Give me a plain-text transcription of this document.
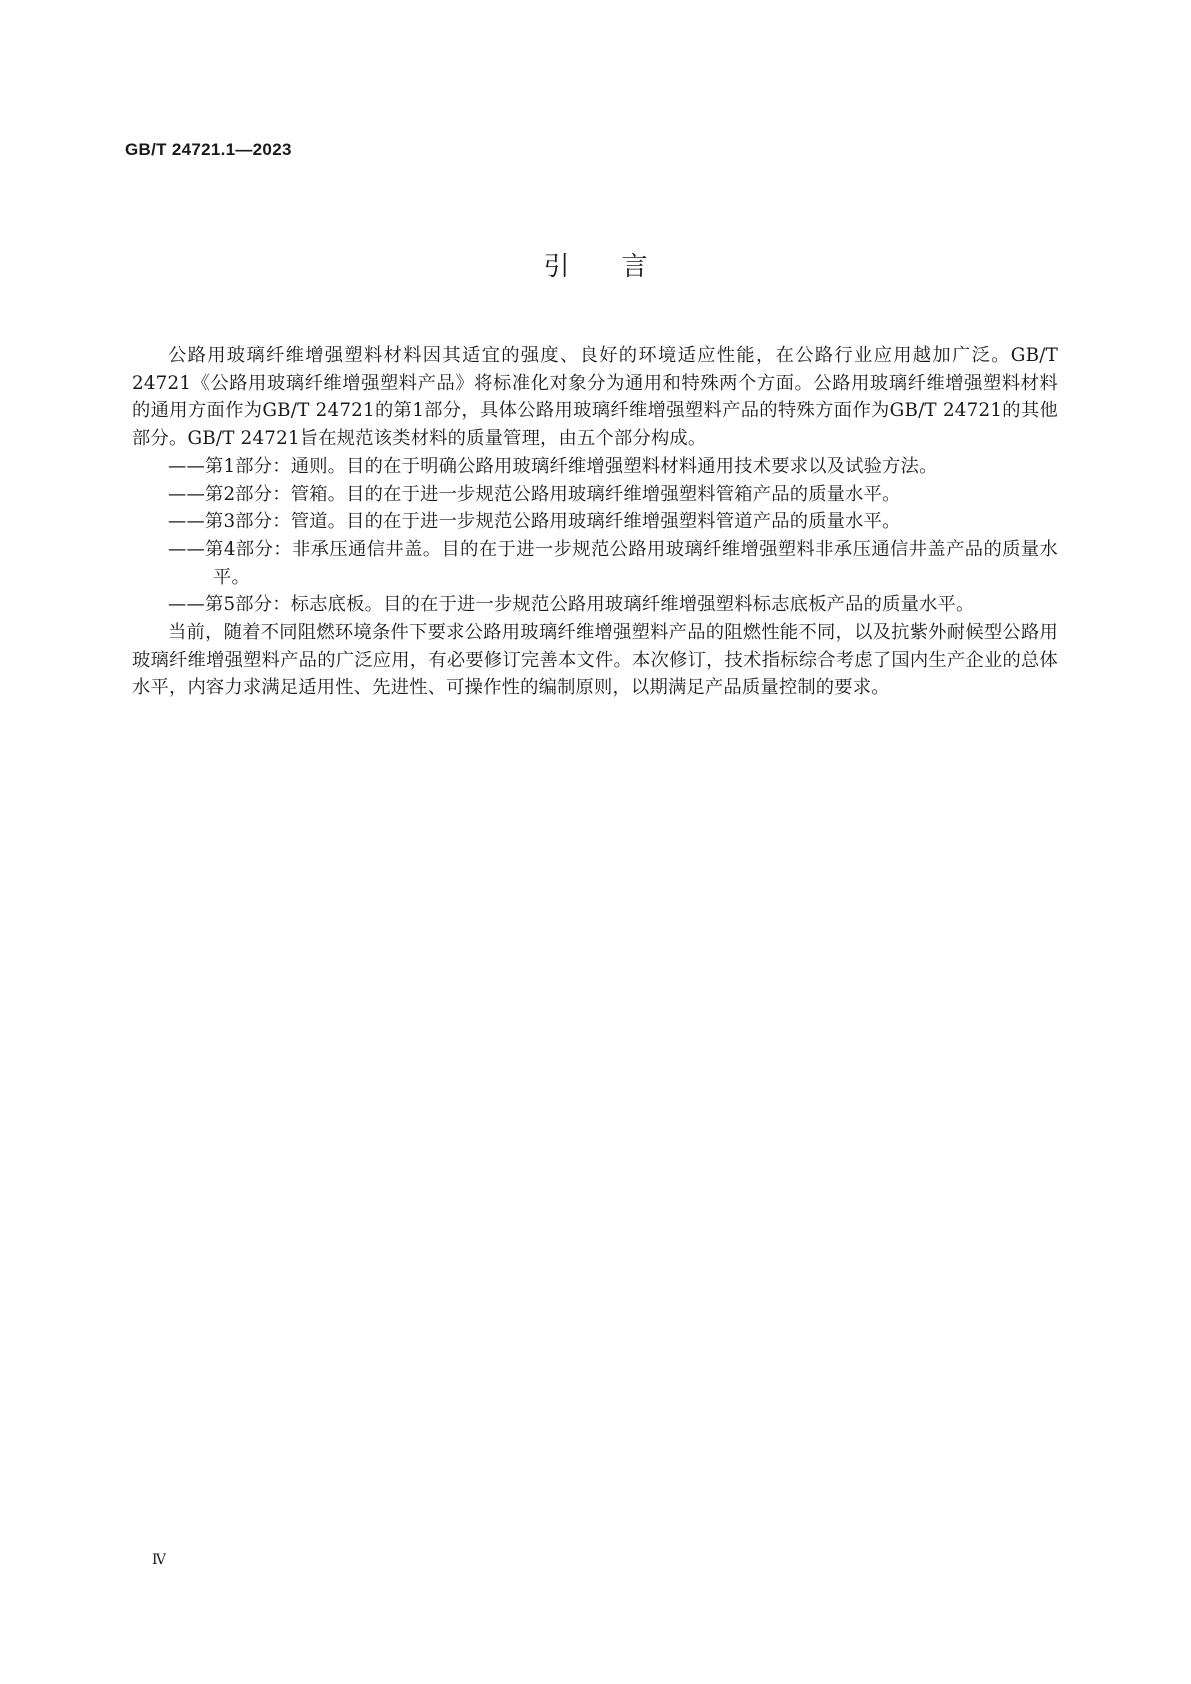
GB/T 24721.1—2023
引　　言

公路用玻璃纤维增强塑料材料因其适宜的强度、良好的环境适应性能，在公路行业应用越加广泛。GB/T 24721《公路用玻璃纤维增强塑料产品》将标准化对象分为通用和特殊两个方面。公路用玻璃纤维增强塑料材料的通用方面作为GB/T 24721的第1部分，具体公路用玻璃纤维增强塑料产品的特殊方面作为GB/T 24721的其他部分。GB/T 24721旨在规范该类材料的质量管理，由五个部分构成。

——第1部分：通则。目的在于明确公路用玻璃纤维增强塑料材料通用技术要求以及试验方法。

——第2部分：管箱。目的在于进一步规范公路用玻璃纤维增强塑料管箱产品的质量水平。

——第3部分：管道。目的在于进一步规范公路用玻璃纤维增强塑料管道产品的质量水平。

——第4部分：非承压通信井盖。目的在于进一步规范公路用玻璃纤维增强塑料非承压通信井盖产品的质量水平。

——第5部分：标志底板。目的在于进一步规范公路用玻璃纤维增强塑料标志底板产品的质量水平。

当前，随着不同阻燃环境条件下要求公路用玻璃纤维增强塑料产品的阻燃性能不同，以及抗紫外耐候型公路用玻璃纤维增强塑料产品的广泛应用，有必要修订完善本文件。本次修订，技术指标综合考虑了国内生产企业的总体水平，内容力求满足适用性、先进性、可操作性的编制原则，以期满足产品质量控制的要求。

Ⅳ
